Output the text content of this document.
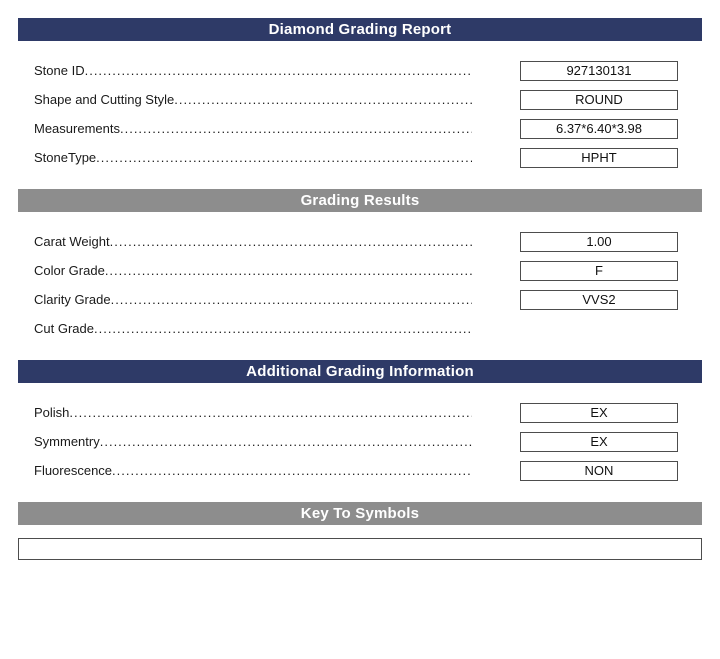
Diamond Grading Report
Stone ID .....	927130131
Shape and Cutting Style .....	ROUND
Measurements .....	6.37*6.40*3.98
StoneType .....	HPHT
Grading Results
Carat Weight .....	1.00
Color Grade .....	F
Clarity Grade .....	VVS2
Cut Grade .....
Additional Grading Information
Polish .....	EX
Symmentry .....	EX
Fluorescence .....	NON
Key To Symbols
